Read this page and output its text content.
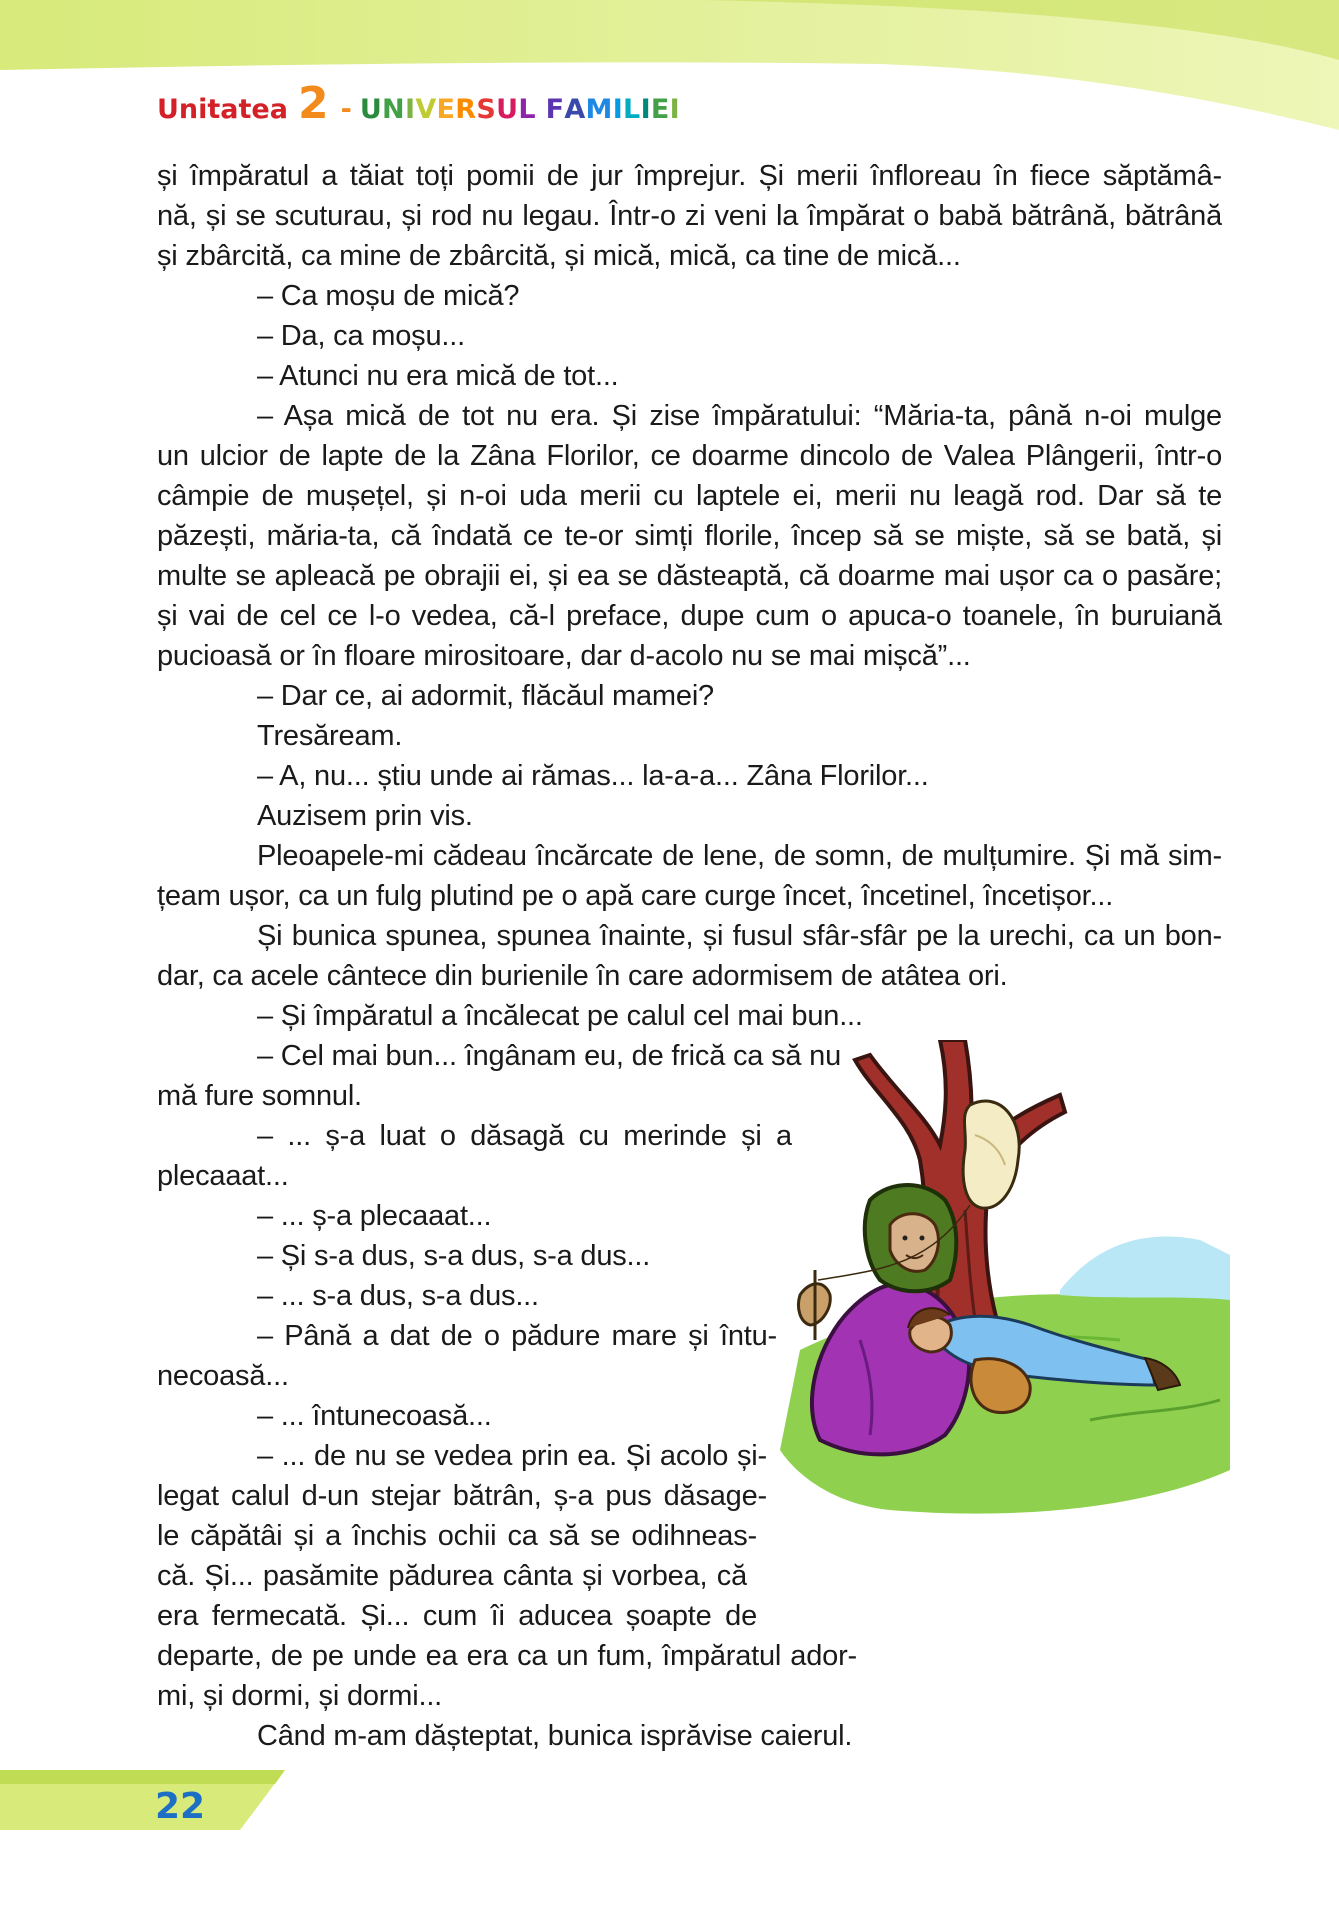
Unitatea 2 - UNIVERSUL FAMILIEI
și împăratul a tăiat toți pomii de jur împrejur. Și merii înfloreau în fiece săptămâ-
nă, și se scuturau, și rod nu legau. Într-o zi veni la împărat o babă bătrână, bătrână
și zbârcită, ca mine de zbârcită, și mică, mică, ca tine de mică...
– Ca moșu de mică?
– Da, ca moșu...
– Atunci nu era mică de tot...
– Așa mică de tot nu era. Și zise împăratului: “Măria-ta, până n-oi mulge
un ulcior de lapte de la Zâna Florilor, ce doarme dincolo de Valea Plângerii, într-o
câmpie de mușețel, și n-oi uda merii cu laptele ei, merii nu leagă rod. Dar să te
păzești, măria-ta, că îndată ce te-or simți florile, încep să se miște, să se bată, și
multe se apleacă pe obrajii ei, și ea se dăsteaptă, că doarme mai ușor ca o pasăre;
și vai de cel ce l-o vedea, că-l preface, dupe cum o apuca-o toanele, în buruiană
pucioasă or în floare mirositoare, dar d-acolo nu se mai mișcă”...
– Dar ce, ai adormit, flăcăul mamei?
Tresăream.
– A, nu... știu unde ai rămas... la-a-a... Zâna Florilor...
Auzisem prin vis.
Pleoapele-mi cădeau încărcate de lene, de somn, de mulțumire. Și mă sim-
țeam ușor, ca un fulg plutind pe o apă care curge încet, încetinel, încetișor...
Și bunica spunea, spunea înainte, și fusul sfâr-sfâr pe la urechi, ca un bon-
dar, ca acele cântece din burienile în care adormisem de atâtea ori.
– Și împăratul a încălecat pe calul cel mai bun...
– Cel mai bun... îngânam eu, de frică ca să nu
mă fure somnul.
– ... ș-a luat o dăsagă cu merinde și a
plecaaat...
– ... ș-a plecaaat...
– Și s-a dus, s-a dus, s-a dus...
– ... s-a dus, s-a dus...
– Până a dat de o pădure mare și întu-
necoasă...
– ... întunecoasă...
– ... de nu se vedea prin ea. Și acolo și-
legat calul d-un stejar bătrân, ș-a pus dăsage-
le căpătâi și a închis ochii ca să se odihneas-
că. Și... pasămite pădurea cânta și vorbea, că
era fermecată. Și... cum îi aducea șoapte de
departe, de pe unde ea era ca un fum, împăratul ador-
mi, și dormi, și dormi...
Când m-am dășteptat, bunica isprăvise caierul.
22
